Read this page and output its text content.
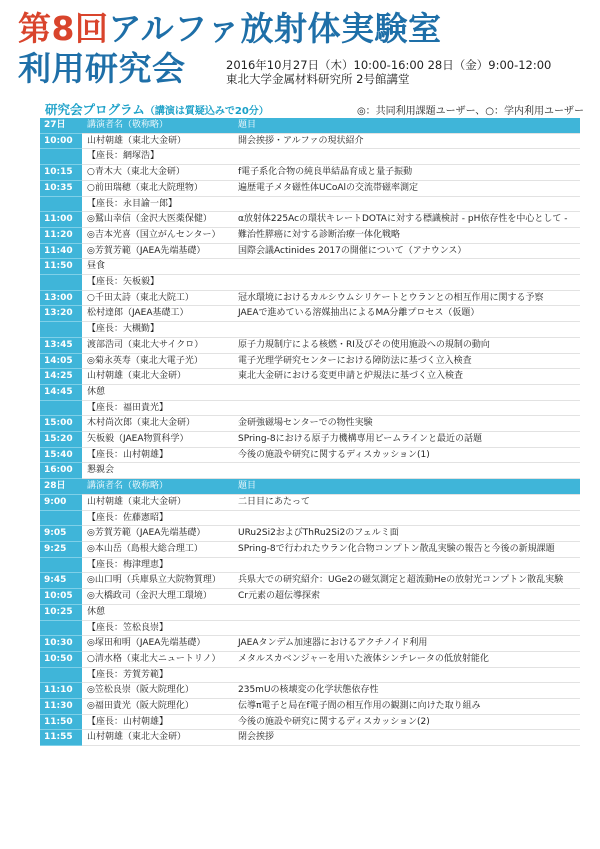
第8回アルファ放射体実験室
利用研究会	2016年10月27日（木）10:00-16:00 28日（金）9:00-12:00
東北大学金属材料研究所 2号館講堂
研究会プログラム（講演は質疑込みで20分）	◎：共同利用課題ユーザー、○：学内利用ユーザー
27日	講演者名（敬称略）	題目
10:00	山村朝雄（東北大金研）	開会挨拶・アルファの現状紹介
	【座長：網塚浩】	
10:15	○青木大（東北大金研）	f電子系化合物の純良単結晶育成と量子振動
10:35	○前田瑞穂（東北大院理物）	遍歴電子メタ磁性体UCoAlの交流帯磁率測定
	【座長：永目諭一郎】	
11:00	◎鷲山幸信（金沢大医薬保健）	α放射体225Acの環状キレートDOTAに対する標識検討 - pH依存性を中心として -
11:20	◎吉本光喜（国立がんセンター）	難治性膵癌に対する診断治療一体化戦略
11:40	◎芳賀芳範（JAEA先端基礎）	国際会議Actinides 2017の開催について（アナウンス）
11:50	昼食	
	【座長：矢板毅】	
13:00	○千田太詩（東北大院工）	冠水環境におけるカルシウムシリケートとウランとの相互作用に関する予察
13:20	松村達郎（JAEA基礎工）	JAEAで進めている溶媒抽出によるMA分離プロセス（仮題）
	【座長：大槻勤】	
13:45	渡部浩司（東北大サイクロ）	原子力規制庁による核燃・RI及びその使用施設への規制の動向
14:05	◎菊永英寿（東北大電子光）	電子光理学研究センターにおける障防法に基づく立入検査
14:25	山村朝雄（東北大金研）	東北大金研における変更申請と炉規法に基づく立入検査
14:45	休憩	
	【座長：福田貴光】	
15:00	木村尚次郎（東北大金研）	金研強磁場センターでの物性実験
15:20	矢板毅（JAEA物質科学）	SPring-8における原子力機構専用ビームラインと最近の話題
15:40	【座長：山村朝雄】	今後の施設や研究に関するディスカッション(1)
16:00	懇親会	
28日	講演者名（敬称略）	題目
9:00	山村朝雄（東北大金研）	二日目にあたって
	【座長：佐藤憲昭】	
9:05	◎芳賀芳範（JAEA先端基礎）	URu2Si2およびThRu2Si2のフェルミ面
9:25	◎本山岳（島根大総合理工）	SPring-8で行われたウラン化合物コンプトン散乱実験の報告と今後の新規課題
	【座長：梅津理恵】	
9:45	◎山口明（兵庫県立大院物質理）	兵県大での研究紹介：UGe2の磁気測定と超流動Heの放射光コンプトン散乱実験
10:05	◎大橋政司（金沢大理工環境）	Cr元素の超伝導探索
10:25	休憩	
	【座長：笠松良崇】	
10:30	◎塚田和明（JAEA先端基礎）	JAEAタンデム加速器におけるアクチノイド利用
10:50	○清水格（東北大ニュートリノ）	メタルスカベンジャーを用いた液体シンチレータの低放射能化
	【座長：芳賀芳範】	
11:10	◎笠松良崇（阪大院理化）	235mUの核壊変の化学状態依存性
11:30	◎福田貴光（阪大院理化）	伝導π電子と局在f電子間の相互作用の観測に向けた取り組み
11:50	【座長：山村朝雄】	今後の施設や研究に関するディスカッション(2)
11:55	山村朝雄（東北大金研）	閉会挨拶
